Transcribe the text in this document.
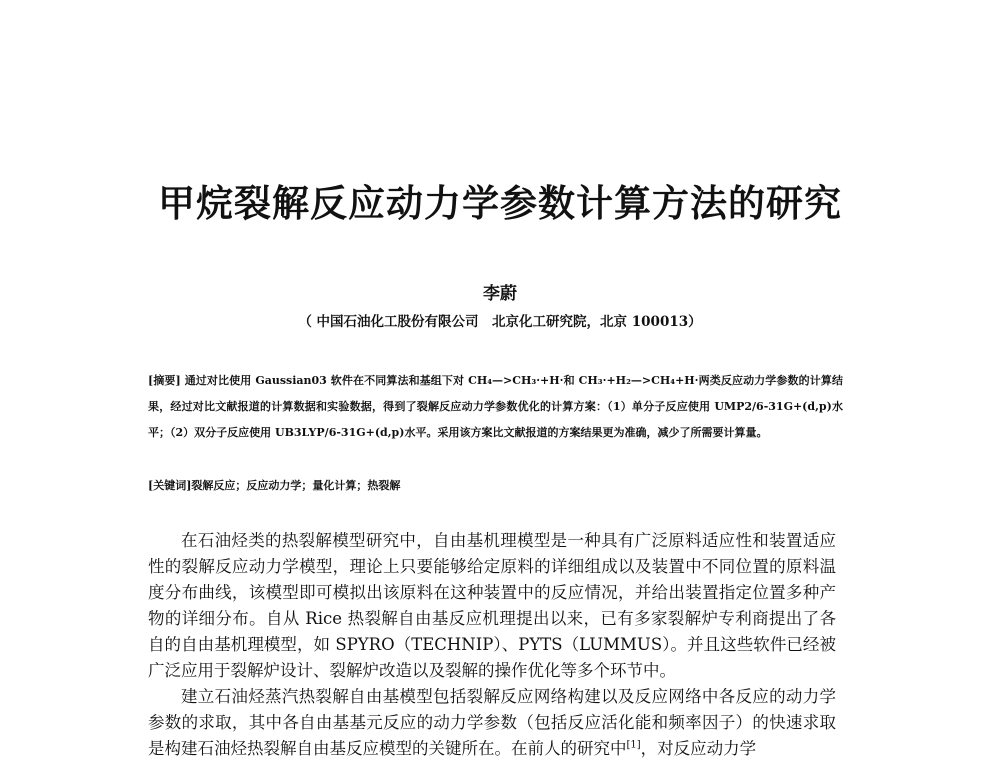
甲烷裂解反应动力学参数计算方法的研究
李蔚
（ 中国石油化工股份有限公司　北京化工研究院，北京 100013）
[摘要] 通过对比使用 Gaussian03 软件在不同算法和基组下对 CH₄—>CH₃·+H·和 CH₃·+H₂—>CH₄+H·两类反应动力学参数的计算结果，经过对比文献报道的计算数据和实验数据，得到了裂解反应动力学参数优化的计算方案：（1）单分子反应使用 UMP2/6-31G+(d,p)水平；（2）双分子反应使用 UB3LYP/6-31G+(d,p)水平。采用该方案比文献报道的方案结果更为准确，减少了所需要计算量。
[关键词]裂解反应；反应动力学；量化计算；热裂解

在石油烃类的热裂解模型研究中，自由基机理模型是一种具有广泛原料适应性和装置适应性的裂解反应动力学模型，理论上只要能够给定原料的详细组成以及装置中不同位置的原料温度分布曲线，该模型即可模拟出该原料在这种装置中的反应情况，并给出装置指定位置多种产物的详细分布。自从 Rice 热裂解自由基反应机理提出以来，已有多家裂解炉专利商提出了各自的自由基机理模型，如 SPYRO（TECHNIP）、PYTS（LUMMUS）。并且这些软件已经被广泛应用于裂解炉设计、裂解炉改造以及裂解的操作优化等多个环节中。

建立石油烃蒸汽热裂解自由基模型包括裂解反应网络构建以及反应网络中各反应的动力学参数的求取，其中各自由基基元反应的动力学参数（包括反应活化能和频率因子）的快速求取是构建石油烃热裂解自由基反应模型的关键所在。在前人的研究中[1]，对反应动力学
